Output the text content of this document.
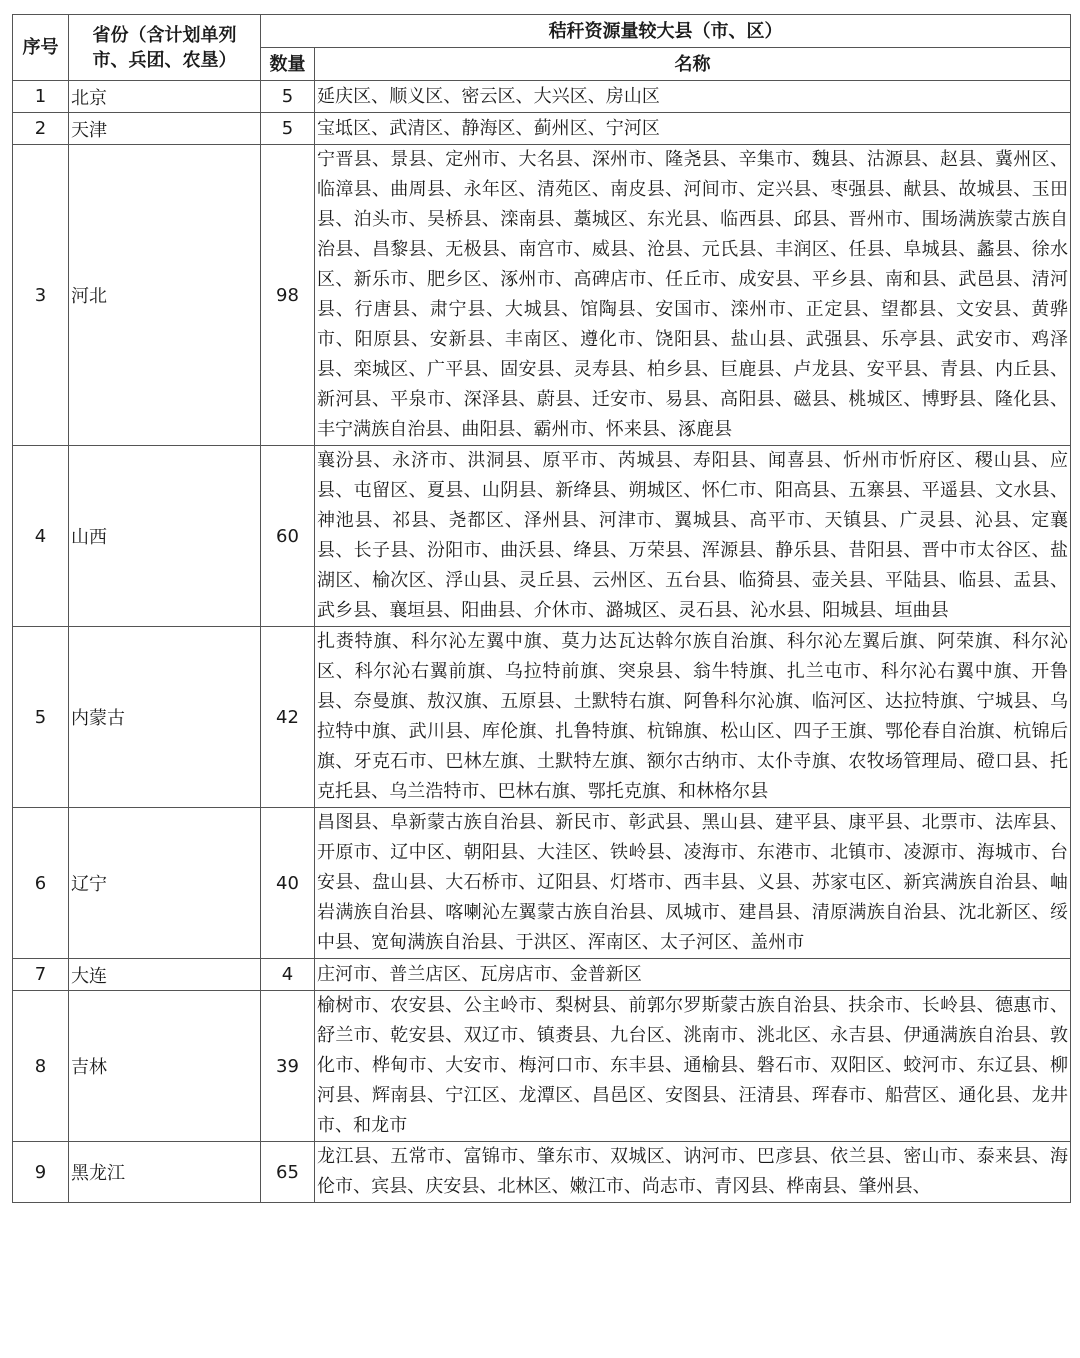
序号	省份（含计划单列市、兵团、农垦）	秸秆资源量较大县（市、区）	
		数量	名称
1	北京	5	延庆区、顺义区、密云区、大兴区、房山区
2	天津	5	宝坻区、武清区、静海区、蓟州区、宁河区
3	河北	98	宁晋县、景县、定州市、大名县、深州市、隆尧县、辛集市、魏县、沽源县、赵县、冀州区、临漳县、曲周县、永年区、清苑区、南皮县、河间市、定兴县、枣强县、献县、故城县、玉田县、泊头市、吴桥县、滦南县、藁城区、东光县、临西县、邱县、晋州市、围场满族蒙古族自治县、昌黎县、无极县、南宫市、威县、沧县、元氏县、丰润区、任县、阜城县、蠡县、徐水区、新乐市、肥乡区、涿州市、高碑店市、任丘市、成安县、平乡县、南和县、武邑县、清河县、行唐县、肃宁县、大城县、馆陶县、安国市、滦州市、正定县、望都县、文安县、黄骅市、阳原县、安新县、丰南区、遵化市、饶阳县、盐山县、武强县、乐亭县、武安市、鸡泽县、栾城区、广平县、固安县、灵寿县、柏乡县、巨鹿县、卢龙县、安平县、青县、内丘县、新河县、平泉市、深泽县、蔚县、迁安市、易县、高阳县、磁县、桃城区、博野县、隆化县、丰宁满族自治县、曲阳县、霸州市、怀来县、涿鹿县
4	山西	60	襄汾县、永济市、洪洞县、原平市、芮城县、寿阳县、闻喜县、忻州市忻府区、稷山县、应县、屯留区、夏县、山阴县、新绛县、朔城区、怀仁市、阳高县、五寨县、平遥县、文水县、神池县、祁县、尧都区、泽州县、河津市、翼城县、高平市、天镇县、广灵县、沁县、定襄县、长子县、汾阳市、曲沃县、绛县、万荣县、浑源县、静乐县、昔阳县、晋中市太谷区、盐湖区、榆次区、浮山县、灵丘县、云州区、五台县、临猗县、壶关县、平陆县、临县、盂县、武乡县、襄垣县、阳曲县、介休市、潞城区、灵石县、沁水县、阳城县、垣曲县
5	内蒙古	42	扎赉特旗、科尔沁左翼中旗、莫力达瓦达斡尔族自治旗、科尔沁左翼后旗、阿荣旗、科尔沁区、科尔沁右翼前旗、乌拉特前旗、突泉县、翁牛特旗、扎兰屯市、科尔沁右翼中旗、开鲁县、奈曼旗、敖汉旗、五原县、土默特右旗、阿鲁科尔沁旗、临河区、达拉特旗、宁城县、乌拉特中旗、武川县、库伦旗、扎鲁特旗、杭锦旗、松山区、四子王旗、鄂伦春自治旗、杭锦后旗、牙克石市、巴林左旗、土默特左旗、额尔古纳市、太仆寺旗、农牧场管理局、磴口县、托克托县、乌兰浩特市、巴林右旗、鄂托克旗、和林格尔县
6	辽宁	40	昌图县、阜新蒙古族自治县、新民市、彰武县、黑山县、建平县、康平县、北票市、法库县、开原市、辽中区、朝阳县、大洼区、铁岭县、凌海市、东港市、北镇市、凌源市、海城市、台安县、盘山县、大石桥市、辽阳县、灯塔市、西丰县、义县、苏家屯区、新宾满族自治县、岫岩满族自治县、喀喇沁左翼蒙古族自治县、凤城市、建昌县、清原满族自治县、沈北新区、绥中县、宽甸满族自治县、于洪区、浑南区、太子河区、盖州市
7	大连	4	庄河市、普兰店区、瓦房店市、金普新区
8	吉林	39	榆树市、农安县、公主岭市、梨树县、前郭尔罗斯蒙古族自治县、扶余市、长岭县、德惠市、舒兰市、乾安县、双辽市、镇赉县、九台区、洮南市、洮北区、永吉县、伊通满族自治县、敦化市、桦甸市、大安市、梅河口市、东丰县、通榆县、磐石市、双阳区、蛟河市、东辽县、柳河县、辉南县、宁江区、龙潭区、昌邑区、安图县、汪清县、珲春市、船营区、通化县、龙井市、和龙市
9	黑龙江	65	龙江县、五常市、富锦市、肇东市、双城区、讷河市、巴彦县、依兰县、密山市、泰来县、海伦市、宾县、庆安县、北林区、嫩江市、尚志市、青冈县、桦南县、肇州县、
